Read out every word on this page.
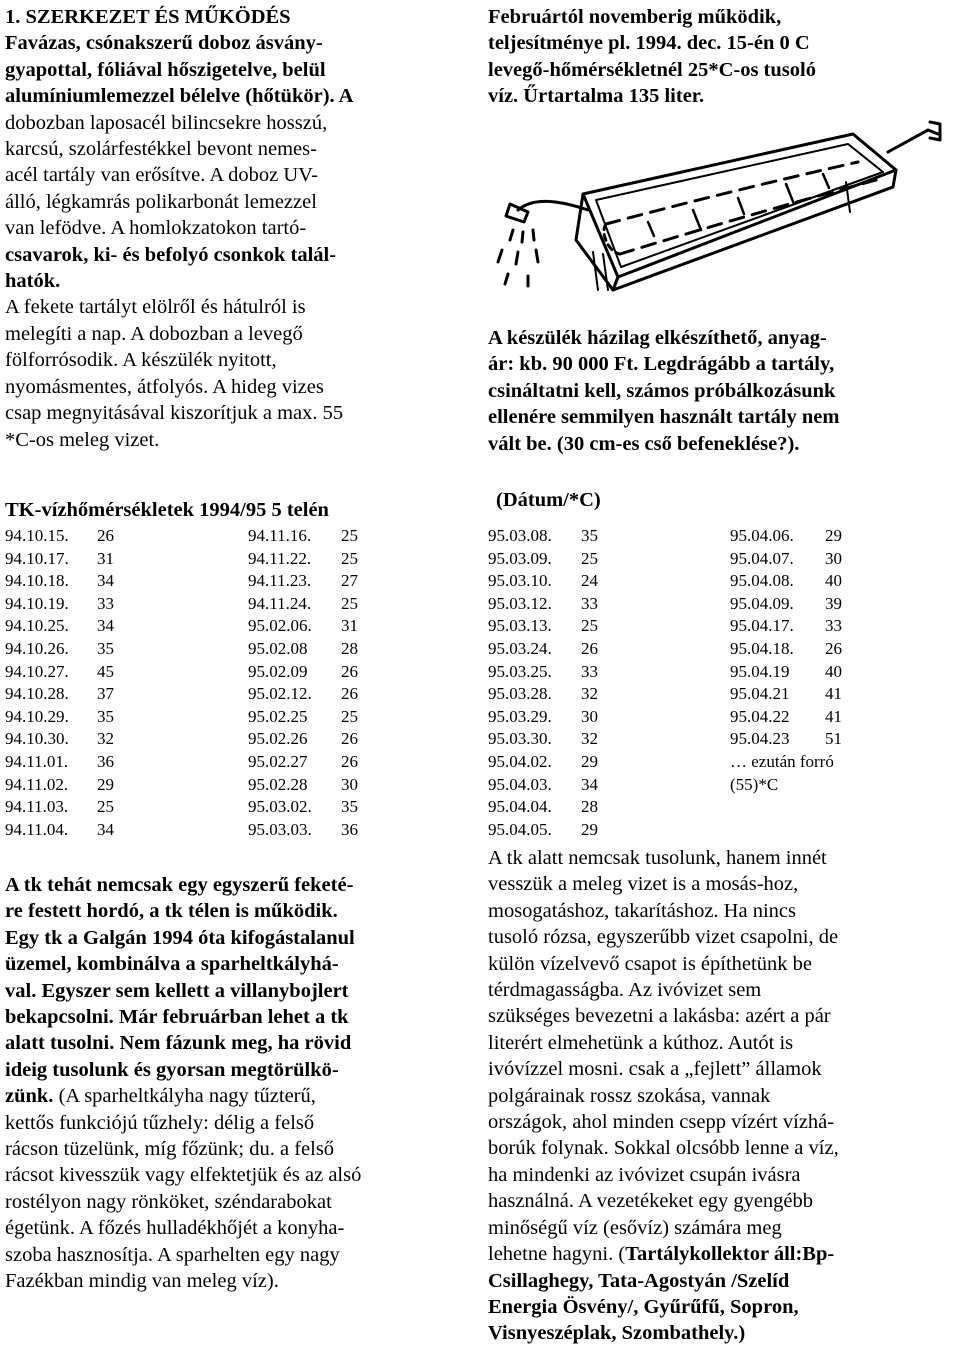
1. SZERKEZET ÉS MŰKÖDÉS
Favázas, csónakszerű doboz ásvány-
gyapottal, fóliával hőszigetelve, belül
alumíniumlemezzel bélelve (hőtükör). A
dobozban laposacél bilincsekre hosszú,
karcsú, szolárfestékkel bevont nemes-
acél tartály van erősítve. A doboz UV-
álló, légkamrás polikarbonát lemezzel
van lefödve. A homlokzatokon tartó-
csavarok, ki- és befolyó csonkok talál-
hatók.
A fekete tartályt elölről és hátulról is
melegíti a nap. A dobozban a levegő
fölforrósodik. A készülék nyitott,
nyomásmentes, átfolyós. A hideg vizes
csap megnyitásával kiszorítjuk a max. 55
*C-os meleg vizet.
TK-vízhőmérsékletek 1994/95 5 telén
94.10.15. 26	94.11.16. 25
94.10.17. 31	94.11.22. 25
94.10.18. 34	94.11.23. 27
94.10.19. 33	94.11.24. 25
94.10.25. 34	95.02.06. 31
94.10.26. 35	95.02.08 28
94.10.27. 45	95.02.09 26
94.10.28. 37	95.02.12. 26
94.10.29. 35	95.02.25 25
94.10.30. 32	95.02.26 26
94.11.01. 36	95.02.27 26
94.11.02. 29	95.02.28 30
94.11.03. 25	95.03.02. 35
94.11.04. 34	95.03.03. 36
A tk tehát nemcsak egy egyszerű feketé-
re festett hordó, a tk télen is működik.
Egy tk a Galgán 1994 óta kifogástalanul
üzemel, kombinálva a sparheltkályhá-
val. Egyszer sem kellett a villanybojlert
bekapcsolni. Már februárban lehet a tk
alatt tusolni. Nem fázunk meg, ha rövid
ideig tusolunk és gyorsan megtörülkö-
zünk. (A sparheltkályha nagy tűzterű,
kettős funkciójú tűzhely: délig a felső
rácson tüzelünk, míg főzünk; du. a felső
rácsot kivesszük vagy elfektetjük és az alsó
rostélyon nagy rönköket, széndarabokat
égetünk. A főzés hulladékhőjét a konyha-
szoba hasznosítja. A sparhelten egy nagy
Fazékban mindig van meleg víz).
Februártól novemberig működik,
teljesítménye pl. 1994. dec. 15-én 0 C
levegő-hőmérsékletnél 25*C-os tusoló
víz. Űrtartalma 135 liter.
A készülék házilag elkészíthető, anyag-
ár: kb. 90 000 Ft. Legdrágább a tartály,
csináltatni kell, számos próbálkozásunk
ellenére semmilyen használt tartály nem
vált be. (30 cm-es cső befeneklése?).
(Dátum/*C)
95.03.08. 35	95.04.06. 29
95.03.09. 25	95.04.07. 30
95.03.10. 24	95.04.08. 40
95.03.12. 33	95.04.09. 39
95.03.13. 25	95.04.17. 33
95.03.24. 26	95.04.18. 26
95.03.25. 33	95.04.19 40
95.03.28. 32	95.04.21 41
95.03.29. 30	95.04.22 41
95.03.30. 32	95.04.23 51
95.04.02. 29	… ezután forró
95.04.03. 34	(55)*C
95.04.04. 28
95.04.05. 29
A tk alatt nemcsak tusolunk, hanem innét
vesszük a meleg vizet is a mosás-hoz,
mosogatáshoz, takarításhoz. Ha nincs
tusoló rózsa, egyszerűbb vizet csapolni, de
külön vízelvevő csapot is építhetünk be
térdmagasságba. Az ivóvizet sem
szükséges bevezetni a lakásba: azért a pár
literért elmehetünk a kúthoz. Autót is
ivóvízzel mosni. csak a „fejlett” államok
polgárainak rossz szokása, vannak
országok, ahol minden csepp vízért vízhá-
borúk folynak. Sokkal olcsóbb lenne a víz,
ha mindenki az ivóvizet csupán ivásra
használná. A vezetékeket egy gyengébb
minőségű víz (esővíz) számára meg
lehetne hagyni. (Tartálykollektor áll:Bp-
Csillaghegy, Tata-Agostyán /Szelíd
Energia Ösvény/, Gyűrűfű, Sopron,
Visnyeszéplak, Szombathely.)
